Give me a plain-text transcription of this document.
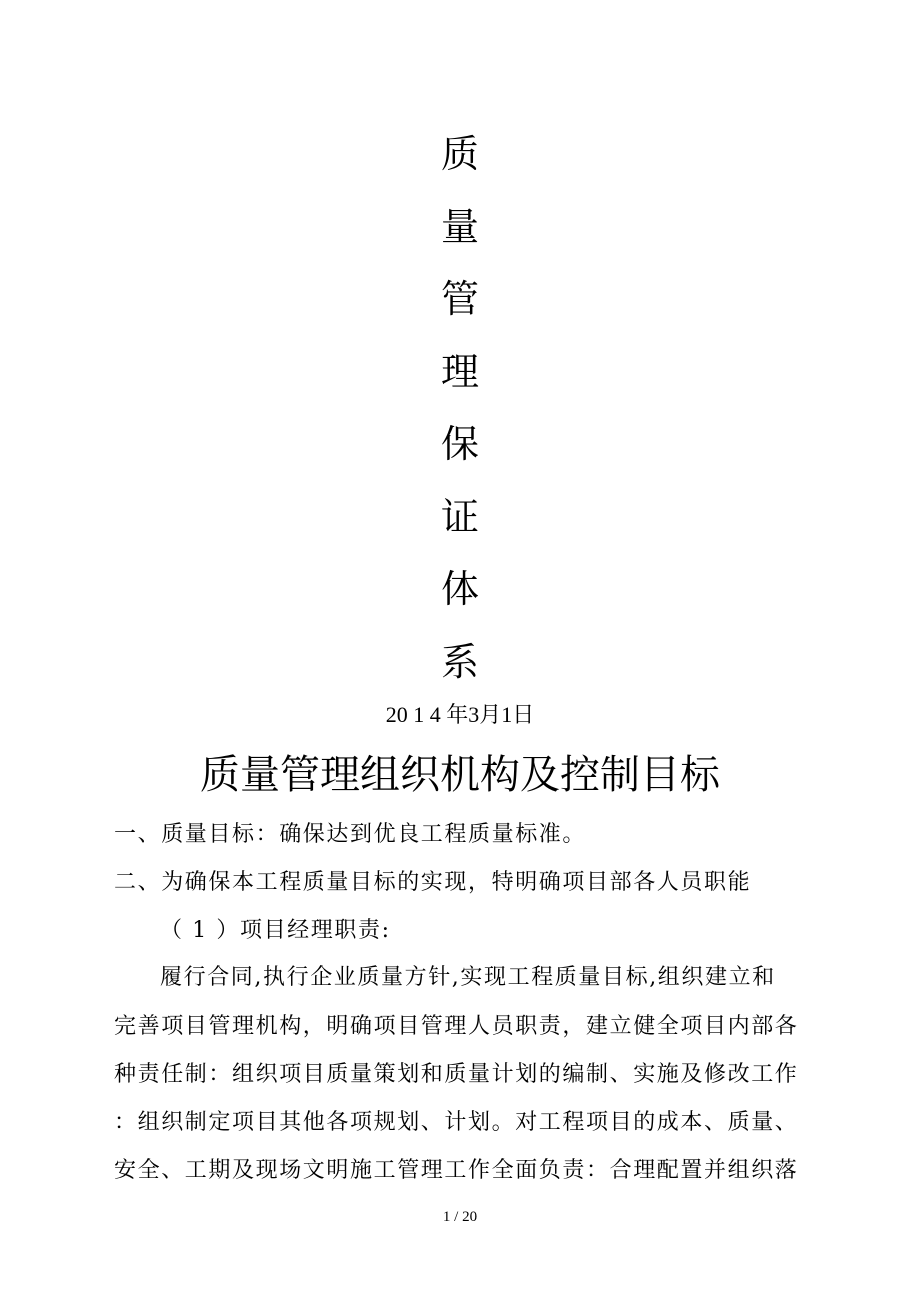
质
量
管
理
保
证
体
系
20 1 4 年3月1日
质量管理组织机构及控制目标
一、质量目标：确保达到优良工程质量标准。
二、为确保本工程质量目标的实现，特明确项目部各人员职能
（ 1 ）项目经理职责:
履行合同,执行企业质量方针,实现工程质量目标,组织建立和
完善项目管理机构，明确项目管理人员职责，建立健全项目内部各
种责任制：组织项目质量策划和质量计划的编制、实施及修改工作
：组织制定项目其他各项规划、计划。对工程项目的成本、质量、
安全、工期及现场文明施工管理工作全面负责：合理配置并组织落
1 / 20
